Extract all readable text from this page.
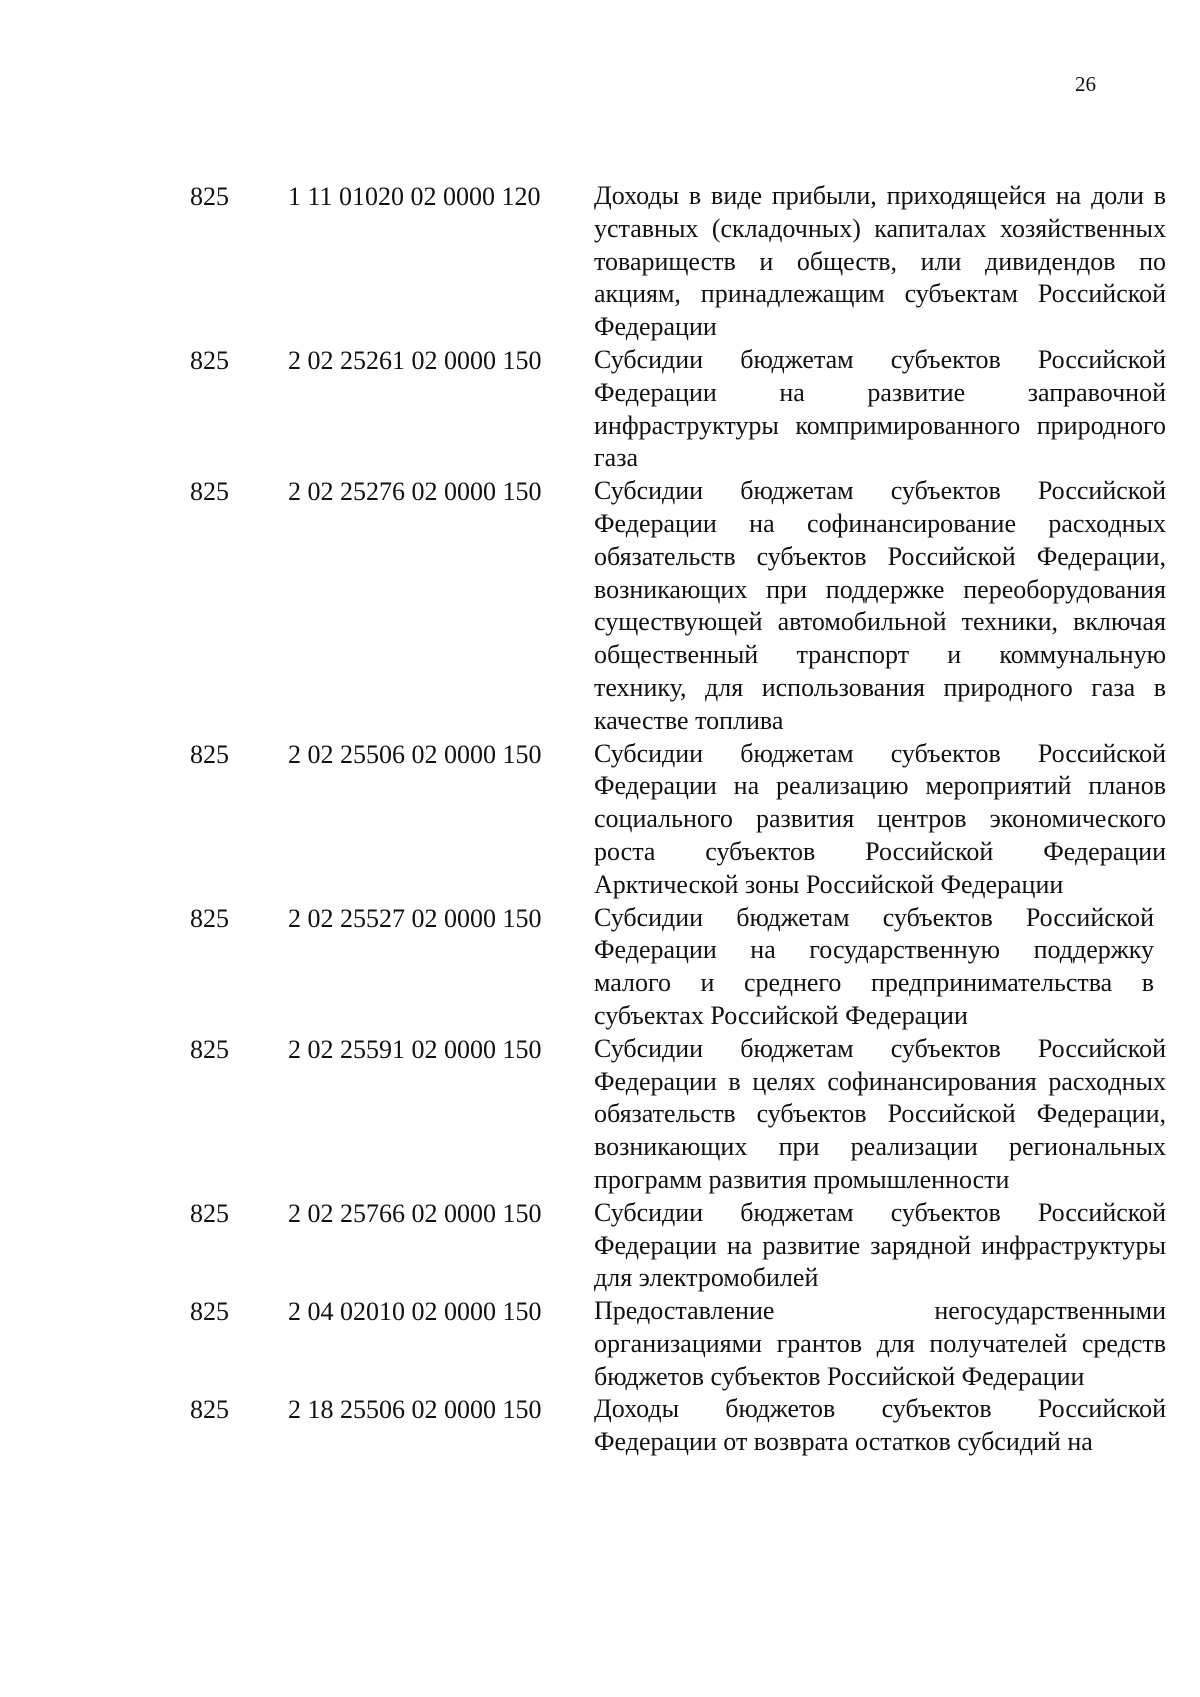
26
825 1 11 01020 02 0000 120 Доходы в виде прибыли, приходящейся на доли в уставных (складочных) капиталах хозяйственных товариществ и обществ, или дивидендов по акциям, принадлежащим субъектам Российской Федерации
825 2 02 25261 02 0000 150 Субсидии бюджетам субъектов Российской Федерации на развитие заправочной инфраструктуры компримированного природного газа
825 2 02 25276 02 0000 150 Субсидии бюджетам субъектов Российской Федерации на софинансирование расходных обязательств субъектов Российской Федерации, возникающих при поддержке переоборудования существующей автомобильной техники, включая общественный транспорт и коммунальную технику, для использования природного газа в качестве топлива
825 2 02 25506 02 0000 150 Субсидии бюджетам субъектов Российской Федерации на реализацию мероприятий планов социального развития центров экономического роста субъектов Российской Федерации Арктической зоны Российской Федерации
825 2 02 25527 02 0000 150 Субсидии бюджетам субъектов Российской Федерации на государственную поддержку малого и среднего предпринимательства в субъектах Российской Федерации
825 2 02 25591 02 0000 150 Субсидии бюджетам субъектов Российской Федерации в целях софинансирования расходных обязательств субъектов Российской Федерации, возникающих при реализации региональных программ развития промышленности
825 2 02 25766 02 0000 150 Субсидии бюджетам субъектов Российской Федерации на развитие зарядной инфраструктуры для электромобилей
825 2 04 02010 02 0000 150 Предоставление негосударственными организациями грантов для получателей средств бюджетов субъектов Российской Федерации
825 2 18 25506 02 0000 150 Доходы бюджетов субъектов Российской Федерации от возврата остатков субсидий на
